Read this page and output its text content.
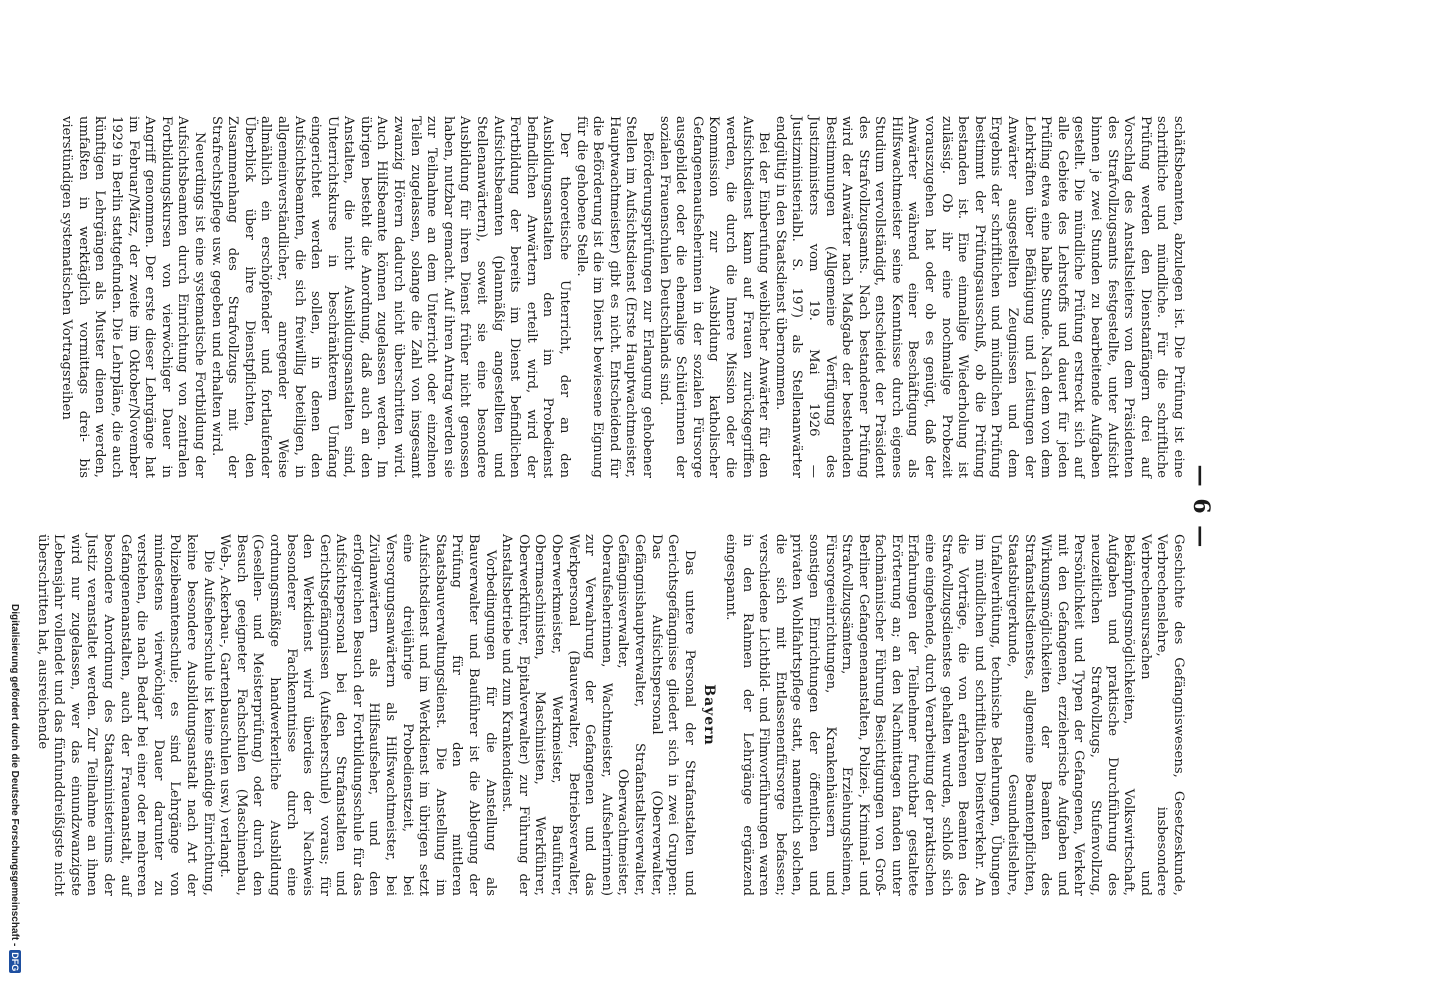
Digitalisierung gefördert durch die Deutsche Forschungsgemeinschaft -
DFG
— 6 —

schäftsbeamten, abzulegen ist. Die Prüfung ist eine schriftliche und mündliche. Für die schriftliche Prüfung werden den Dienstanfängern drei auf Vorschlag des Anstaltsleiters von dem Präsidenten des Strafvollzugsamts festgestellte, unter Aufsicht binnen je zwei Stunden zu bearbeitende Aufgaben gestellt. Die mündliche Prüfung erstreckt sich auf alle Gebiete des Lehrstoffs und dauert für jeden Prüfling etwa eine halbe Stunde. Nach dem von dem Lehrkräften über Befähigung und Leistungen der Anwärter ausgestellten Zeugnissen und dem Ergebnis der schriftlichen und mündlichen Prüfung bestimmt der Prüfungsausschuß, ob die Prüfung bestanden ist. Eine einmalige Wiederholung ist zulässig. Ob ihr eine nochmalige Probezeit vorauszugehen hat oder ob es genügt, daß der Anwärter während einer Beschäftigung als Hilfswachtmeister seine Kenntnisse durch eigenes Studium vervollständigt, entscheidet der Präsident des Strafvollzugsamts. Nach bestandener Prüfung wird der Anwärter nach Maßgabe der bestehenden Bestimmungen (Allgemeine Verfügung des Justizministers vom 19. Mai 1926 — Justizministerialbl. S. 197) als Stellenanwärter endgültig in den Staatsdienst übernommen.

Bei der Einberufung weiblicher Anwärter für den Aufsichtsdienst kann auf Frauen zurückgegriffen werden, die durch die Innere Mission oder die Kommission zur Ausbildung katholischer Gefangenenaufseherinnen in der sozialen Fürsorge ausgebildet oder die ehemalige Schülerinnen der sozialen Frauenschulen Deutschlands sind.

Beförderungsprüfungen zur Erlangung gehobener Stellen im Aufsichtsdienst (Erste Hauptwachtmeister, Hauptwachtmeister) gibt es nicht. Entscheidend für die Beförderung ist die im Dienst bewiesene Eignung für die gehobene Stelle.

Der theoretische Unterricht, der an den Ausbildungsanstalten den im Probedienst befindlichen Anwärtern erteilt wird, wird der Fortbildung der bereits im Dienst befindlichen Aufsichtsbeamten (planmäßig angestellten und Stellenanwärtern), soweit sie eine besondere Ausbildung für ihren Dienst früher nicht genossen haben, nutzbar gemacht. Auf ihren Antrag werden sie zur Teilnahme an dem Unterricht oder einzelnen Teilen zugelassen, solange die Zahl von insgesamt zwanzig Hörern dadurch nicht überschritten wird. Auch Hilfsbeamte können zugelassen werden. Im übrigen besteht die Anordnung, daß auch an den Anstalten, die nicht Ausbildungsanstalten sind, Unterrichtskurse in beschränkterem Umfang eingerichtet werden sollen, in denen den Aufsichtsbeamten, die sich freiwillig beteiligen, in allgemeinverständlicher, anregender Weise allmählich ein erschöpfender und fortlaufender Überblick über ihre Dienstpflichten, den Zusammenhang des Strafvollzugs mit der Strafrechtspflege usw. gegeben und erhalten wird.

Neuerdings ist eine systematische Fortbildung der Aufsichtsbeamten durch Einrichtung von zentralen Fortbildungskursen von vierwöchiger Dauer in Angriff genommen. Der erste dieser Lehrgänge hat im Februar/März, der zweite im Oktober/November 1929 in Berlin stattgefunden. Die Lehrpläne, die auch künftigen Lehrgängen als Muster dienen werden, umfaßten in werktäglich vormittags drei- bis vierstündigen systematischen Vortragsreihen

Geschichte des Gefängniswesens, Gesetzeskunde, Verbrechenslehre, insbesondere Verbrechensursachen und Bekämpfungsmöglichkeiten, Volkswirtschaft, Aufgaben und praktische Durchführung des neuzeitlichen Strafvollzugs, Stufenvollzug, Persönlichkeit und Typen der Gefangenen, Verkehr mit den Gefangenen, erzieherische Aufgaben und Wirkungsmöglichkeiten der Beamten des Strafanstaltsdienstes, allgemeine Beamtenpflichten, Staatsbürgerkunde, Gesundheitslehre, Unfallverhütung, technische Belehrungen, Übungen im mündlichen und schriftlichen Dienstverkehr. An die Vorträge, die von erfahrenen Beamten des Strafvollzugsdienstes gehalten wurden, schloß sich eine eingehende, durch Verarbeitung der praktischen Erfahrungen der Teilnehmer fruchtbar gestaltete Erörterung an; an den Nachmittagen fanden unter fachmännischer Führung Besichtigungen von Groß-Berliner Gefangenenanstalten, Polizei-, Kriminal- und Strafvollzugsämtern, Erziehungsheimen, Fürsorgeeinrichtungen, Krankenhäusern und sonstigen Einrichtungen der öffentlichen und privaten Wohlfahrtspflege statt, namentlich solchen, die sich mit Entlassenenfürsorge befassen; verschiedene Lichtbild- und Filmvorführungen waren in den Rahmen der Lehrgänge ergänzend eingespannt.

Bayern

Das untere Personal der Strafanstalten und Gerichtsgefängnisse gliedert sich in zwei Gruppen: Das Aufsichtspersonal (Oberverwalter, Gefängnishauptverwalter, Strafanstaltsverwalter, Gefängnisverwalter, Oberwachtmeister, Oberaufseherinnen, Wachtmeister, Aufseherinnen) zur Verwahrung der Gefangenen und das Werkpersonal (Bauverwalter, Betriebsverwalter, Oberwerkmeister, Werkmeister, Bauführer, Obermaschinisten, Maschinisten, Werkführer, Oberwerkführer, Epitalverwalter) zur Führung der Anstaltsbetriebe und zum Krankendienst.

Vorbedingungen für die Anstellung als Bauverwalter und Bauführer ist die Ablegung der Prüfung für den mittleren Staatsbauverwaltungsdienst. Die Anstellung im Aufsichtsdienst und im Werkdienst im übrigen setzt eine dreijährige Probedienstzeit, bei Versorgungsanwärtern als Hilfswachtmeister, bei Zivilanwärtern als Hilfsaufseher, und den erfolgreichen Besuch der Fortbildungsschule für das Aufsichtspersonal bei den Strafanstalten und Gerichtsgefängnissen (Aufseherschule) voraus; für den Werkdienst wird überdies der Nachweis besonderer Fachkenntnisse durch eine ordnungsmäßige handwerkerliche Ausbildung (Gesellen- und Meisterprüfung) oder durch den Besuch geeigneter Fachschulen (Maschinenbau, Web-, Ackerbau-, Gartenbauschulen usw.) verlangt.

Die Aufseherschule ist keine ständige Einrichtung, keine besondere Ausbildungsanstalt nach Art der Polizeibeamtenschule; es sind Lehrgänge von mindestens vierwöchiger Dauer darunter zu verstehen, die nach Bedarf bei einer oder mehreren Gefangenenanstalten, auch der Frauenanstalt, auf besondere Anordnung des Staatsministeriums der Justiz veranstaltet werden. Zur Teilnahme an ihnen wird nur zugelassen, wer das einundzwanzigste Lebensjahr vollendet und das fünfunddreißigste nicht überschritten hat, ausreichende
